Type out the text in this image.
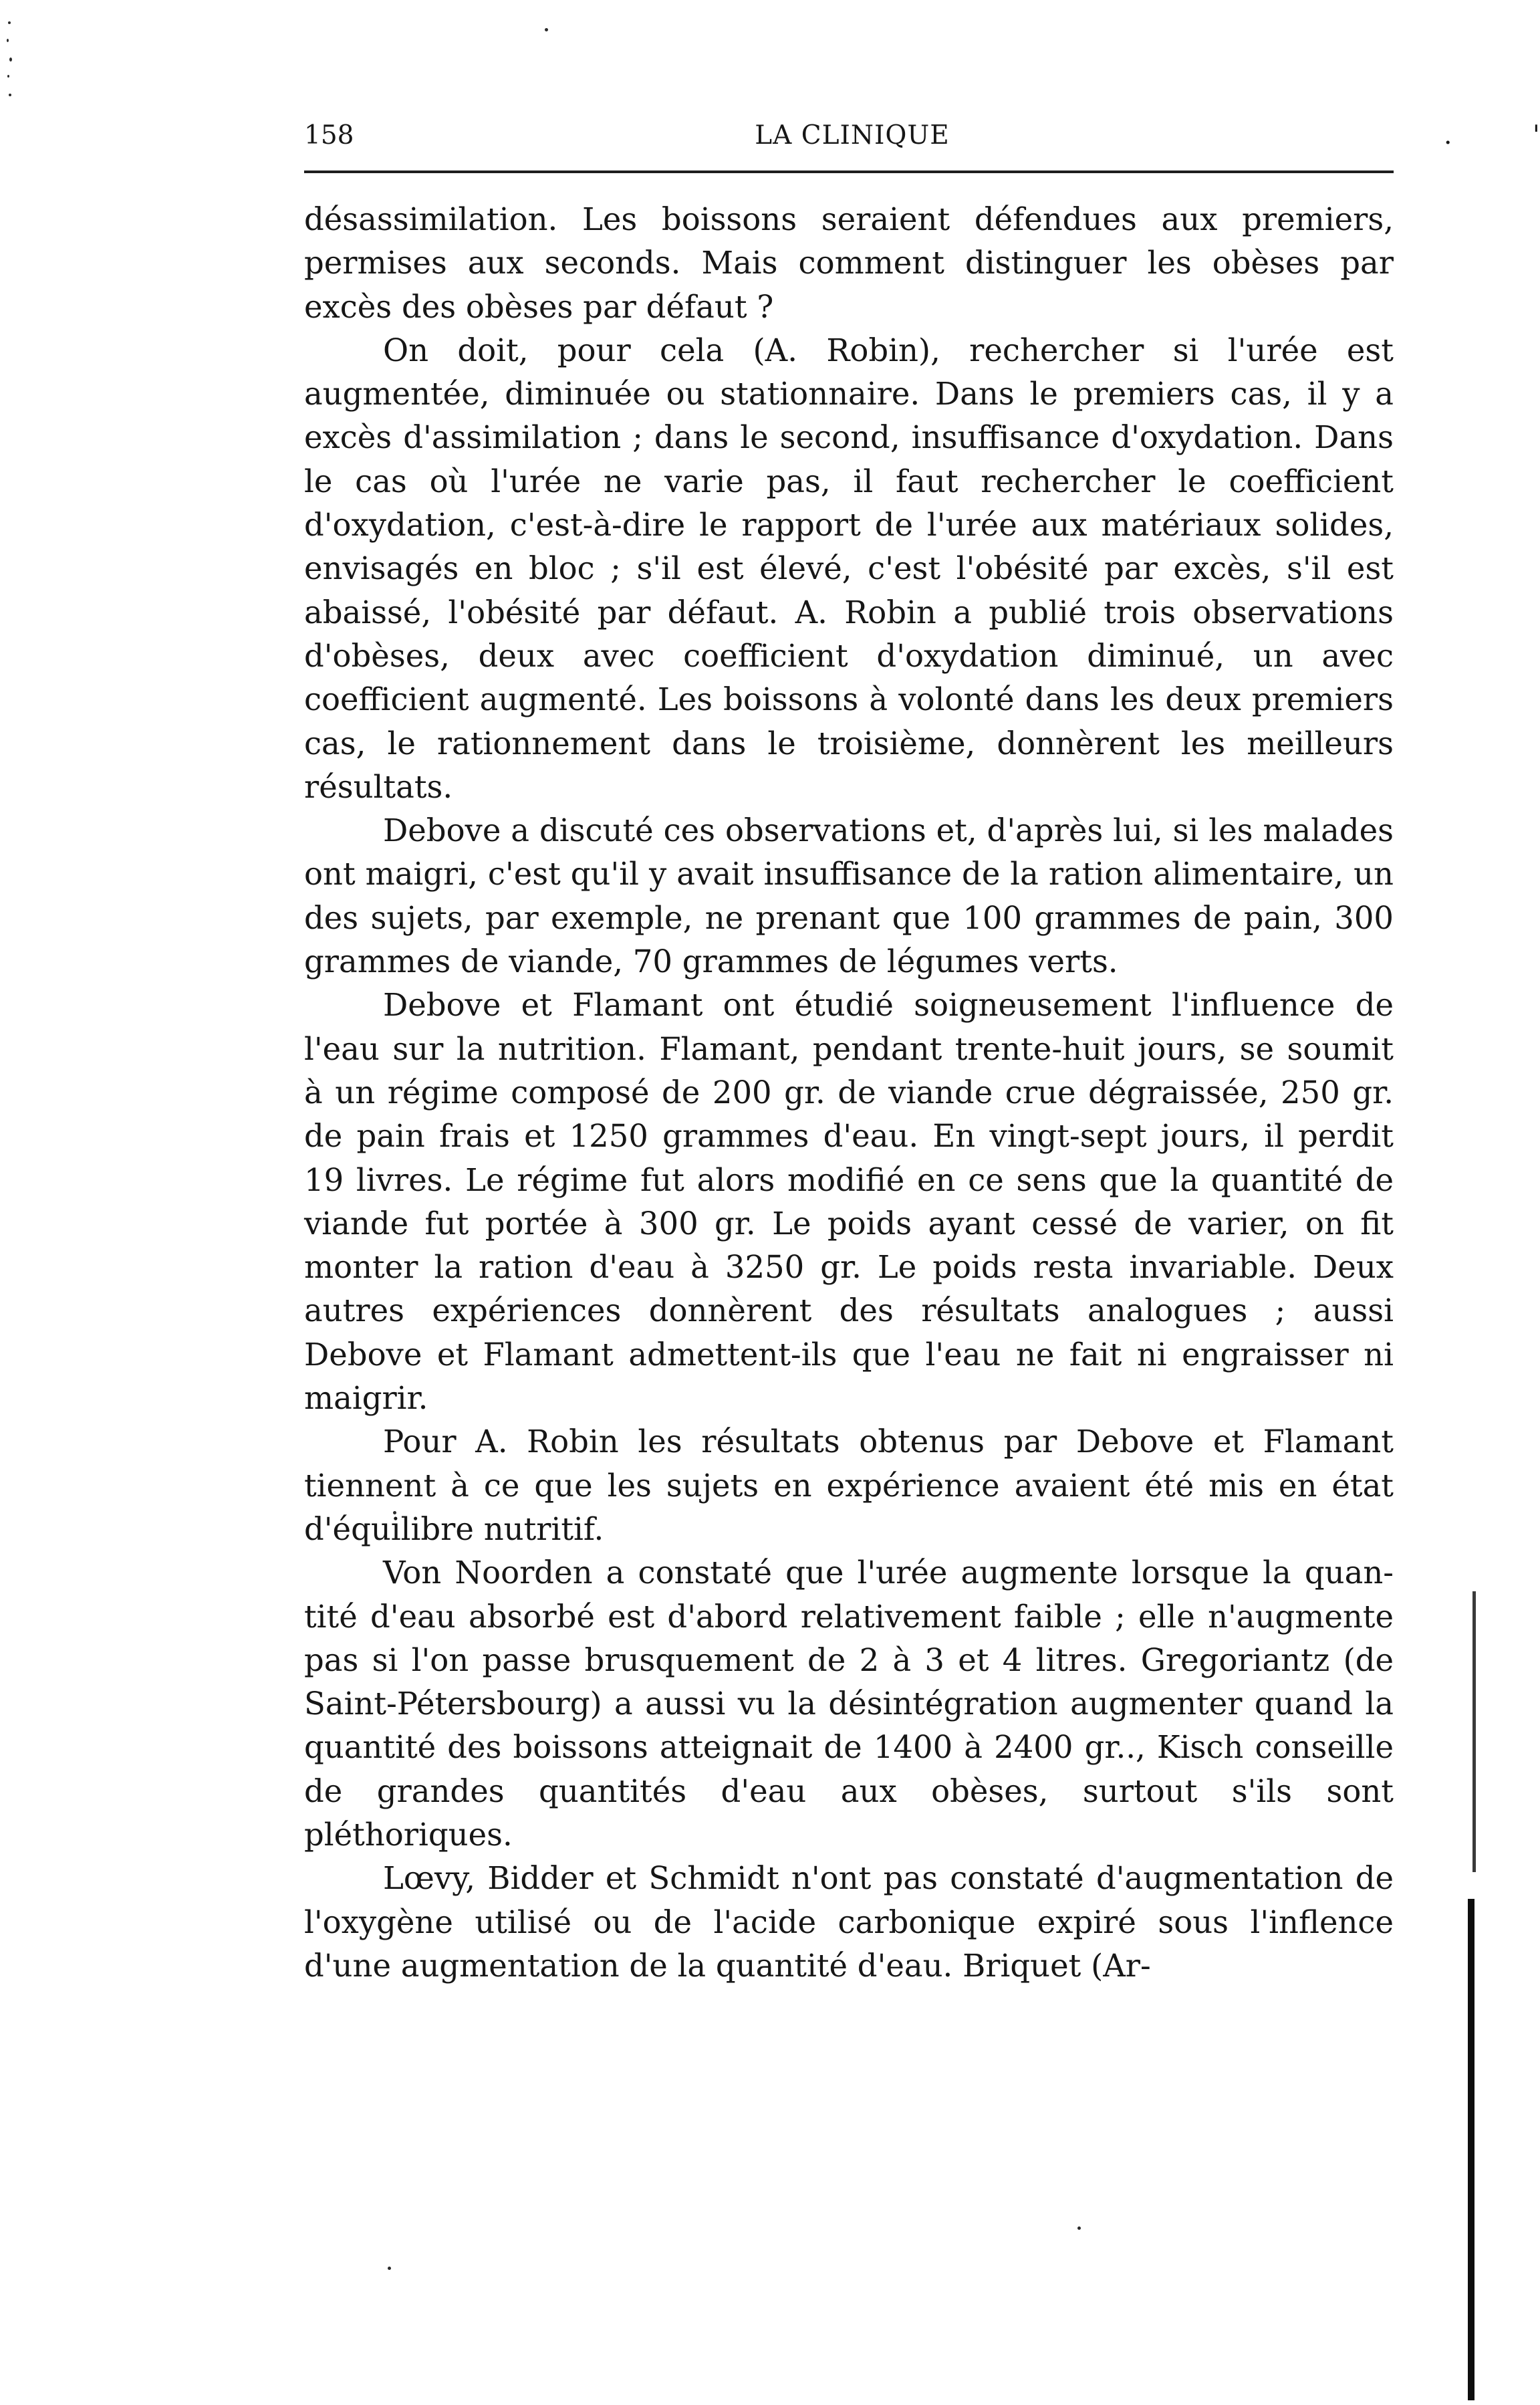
158	LA CLINIQUE	.	'

désassimilation. Les boissons seraient défendues aux premiers, permises aux seconds. Mais comment distinguer les obèses par excès des obèses par défaut ?

On doit, pour cela (A. Robin), rechercher si l'urée est augmentée, diminuée ou stationnaire. Dans le premiers cas, il y a excès d'assimilation ; dans le second, insuffisance d'oxydation. Dans le cas où l'urée ne varie pas, il faut rechercher le coefficient d'oxydation, c'est-à-dire le rapport de l'urée aux matériaux solides, envisagés en bloc ; s'il est élevé, c'est l'obésité par excès, s'il est abaissé, l'obésité par défaut. A. Robin a publié trois observations d'obèses, deux avec coefficient d'oxydation diminué, un avec coefficient augmenté. Les boissons à volonté dans les deux premiers cas, le rationnement dans le troisième, donnèrent les meilleurs résultats.

Debove a discuté ces observations et, d'après lui, si les malades ont maigri, c'est qu'il y avait insuffisance de la ration alimentaire, un des sujets, par exemple, ne prenant que 100 grammes de pain, 300 grammes de viande, 70 grammes de légumes verts.

Debove et Flamant ont étudié soigneusement l'influence de l'eau sur la nutrition. Flamant, pendant trente-huit jours, se soumit à un régime composé de 200 gr. de viande crue dégraissée, 250 gr. de pain frais et 1250 grammes d'eau. En vingt-sept jours, il perdit 19 livres. Le régime fut alors modifié en ce sens que la quantité de viande fut portée à 300 gr. Le poids ayant cessé de varier, on fit monter la ration d'eau à 3250 gr. Le poids resta invariable. Deux autres expériences donnèrent des résultats analogues ; aussi Debove et Flamant admettent-ils que l'eau ne fait ni engraisser ni maigrir.

Pour A. Robin les résultats obtenus par Debove et Flamant tiennent à ce que les sujets en expérience avaient été mis en état d'équilibre nutritif.

Von Noorden a constaté que l'urée augmente lorsque la quantité d'eau absorbé est d'abord relativement faible ; elle n'augmente pas si l'on passe brusquement de 2 à 3 et 4 litres. Gregoriantz (de Saint-Pétersbourg) a aussi vu la désintégration augmenter quand la quantité des boissons atteignait de 1400 à 2400 gr.., Kisch conseille de grandes quantités d'eau aux obèses, surtout s'ils sont pléthoriques.

Lœvy, Bidder et Schmidt n'ont pas constaté d'augmentation de l'oxygène utilisé ou de l'acide carbonique expiré sous l'inflence d'une augmentation de la quantité d'eau. Briquet (Ar-
